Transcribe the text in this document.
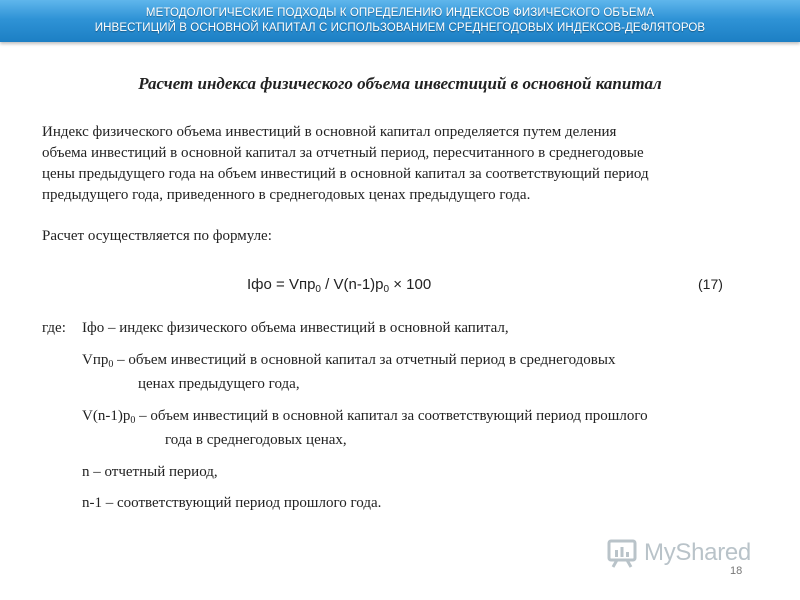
МЕТОДОЛОГИЧЕСКИЕ ПОДХОДЫ К ОПРЕДЕЛЕНИЮ ИНДЕКСОВ ФИЗИЧЕСКОГО ОБЪЕМА
ИНВЕСТИЦИЙ В ОСНОВНОЙ КАПИТАЛ С ИСПОЛЬЗОВАНИЕМ СРЕДНЕГОДОВЫХ ИНДЕКСОВ-ДЕФЛЯТОРОВ
Расчет индекса физического объема инвестиций в основной капитал
Индекс физического объема инвестиций в основной капитал определяется путем деления
объема инвестиций в основной капитал за отчетный период, пересчитанного в среднегодовые
цены предыдущего года на объем инвестиций в основной капитал за соответствующий период
предыдущего года, приведенного в среднегодовых ценах предыдущего года.
Расчет осуществляется по формуле:
Iфо = $Vпр_0 / V(n-1)р_0 \times 100$	(17)
где: Iфо – индекс физического объема инвестиций в основной капитал,
Vпр$_0$ – объем инвестиций в основной капитал за отчетный период в среднегодовых
ценах предыдущего года,
$V(n-1)р_0$ – объем инвестиций в основной капитал за соответствующий период прошлого
года в среднегодовых ценах,
n – отчетный период,
n-1 – соответствующий период прошлого года.
MyShared
18
